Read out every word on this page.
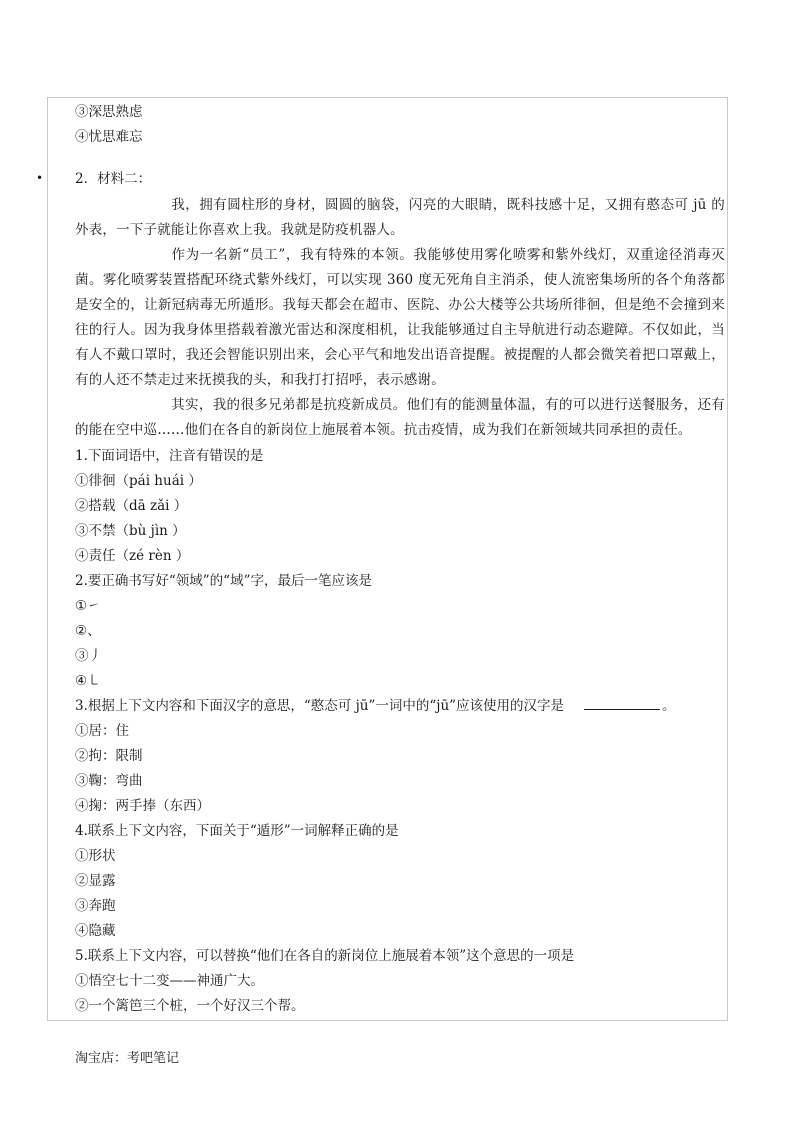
③深思熟虑
④忧思难忘
• 2．材料二：
我，拥有圆柱形的身材，圆圆的脑袋，闪亮的大眼睛，既科技感十足，又拥有憨态可 jū 的外表，一下子就能让你喜欢上我。我就是防疫机器人。
作为一名新“员工”，我有特殊的本领。我能够使用雾化喷雾和紫外线灯，双重途径消毒灭菌。雾化喷雾装置搭配环绕式紫外线灯，可以实现 360 度无死角自主消杀，使人流密集场所的各个角落都是安全的，让新冠病毒无所遁形。我每天都会在超市、医院、办公大楼等公共场所徘徊，但是绝不会撞到来往的行人。因为我身体里搭载着激光雷达和深度相机，让我能够通过自主导航进行动态避障。不仅如此，当有人不戴口罩时，我还会智能识别出来，会心平气和地发出语音提醒。被提醒的人都会微笑着把口罩戴上，有的人还不禁走过来抚摸我的头，和我打打招呼，表示感谢。
其实，我的很多兄弟都是抗疫新成员。他们有的能测量体温，有的可以进行送餐服务，还有的能在空中巡……他们在各自的新岗位上施展着本领。抗击疫情，成为我们在新领域共同承担的责任。
1.下面词语中，注音有错误的是
①徘徊（pái huái ）
②搭载（dā zǎi ）
③不禁（bù jìn ）
④责任（zé rèn ）
2.要正确书写好“领域”的“域”字，最后一笔应该是
①㇀
②、
③丿
④㇄
3.根据上下文内容和下面汉字的意思，“憨态可 jū”一词中的“jū”应该使用的汉字是	。
①居：住
②拘：限制
③鞠：弯曲
④掬：两手捧（东西）
4.联系上下文内容，下面关于“遁形”一词解释正确的是
①形状
②显露
③奔跑
④隐藏
5.联系上下文内容，可以替换“他们在各自的新岗位上施展着本领”这个意思的一项是
①悟空七十二变——神通广大。
②一个篱笆三个桩，一个好汉三个帮。
淘宝店：考吧笔记
